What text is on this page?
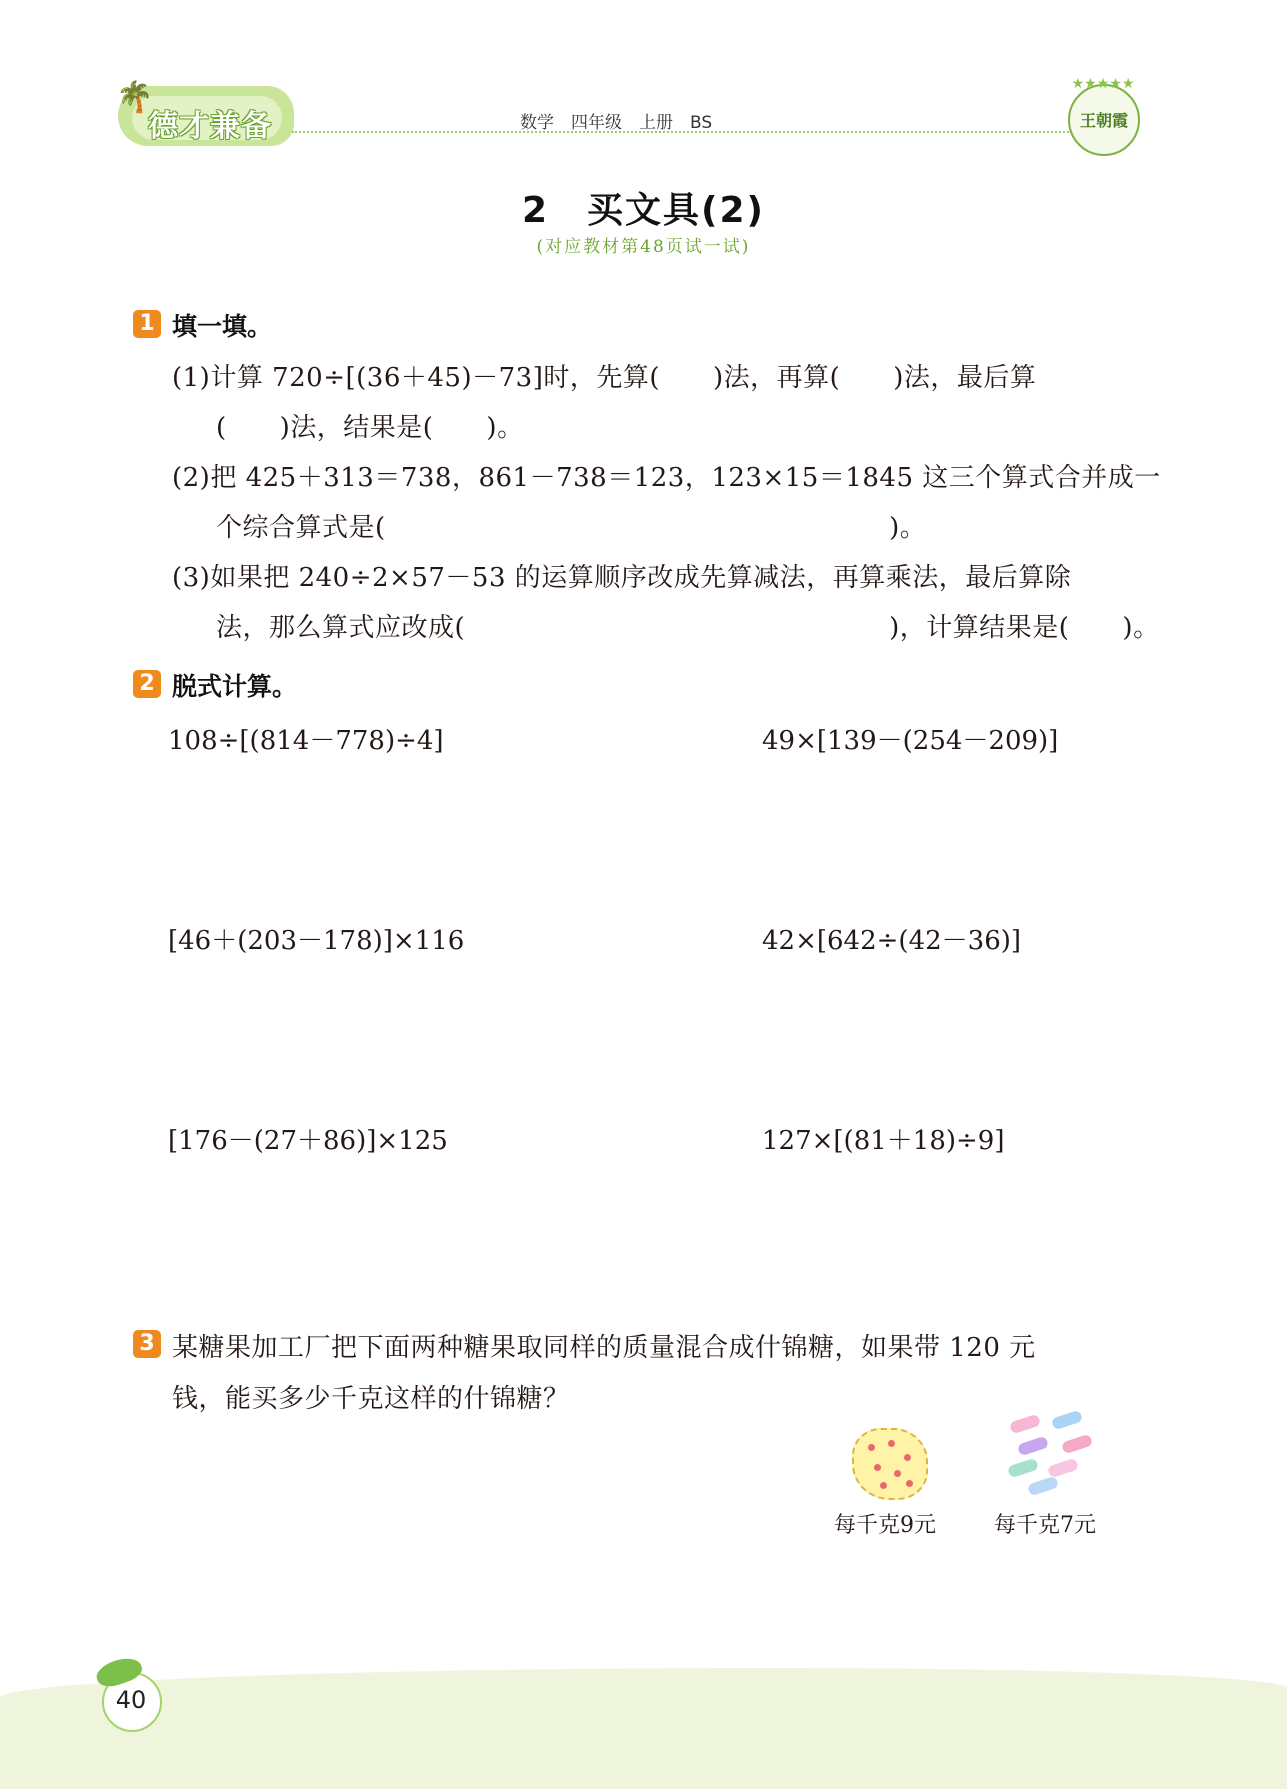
🌴
德才兼备	数学　四年级　上册　BS
★★★★★
王朝霞
2　买文具(2)
(对应教材第48页试一试)
1 填一填。
(1)计算 720÷[(36＋45)－73]时，先算(　　)法，再算(　　)法，最后算
(　　)法，结果是(　　)。
(2)把 425＋313＝738，861－738＝123，123×15＝1845 这三个算式合并成一
个综合算式是(　　　　　　　　　　　　　　　　　　　)。
(3)如果把 240÷2×57－53 的运算顺序改成先算减法，再算乘法，最后算除
法，那么算式应改成(　　　　　　　　　　　　　　　　)，计算结果是(　　)。
2 脱式计算。
108÷[(814－778)÷4]	49×[139－(254－209)]
[46＋(203－178)]×116	42×[642÷(42－36)]
[176－(27＋86)]×125	127×[(81＋18)÷9]
3 某糖果加工厂把下面两种糖果取同样的质量混合成什锦糖，如果带 120 元
钱，能买多少千克这样的什锦糖？
每千克9元	每千克7元
40
